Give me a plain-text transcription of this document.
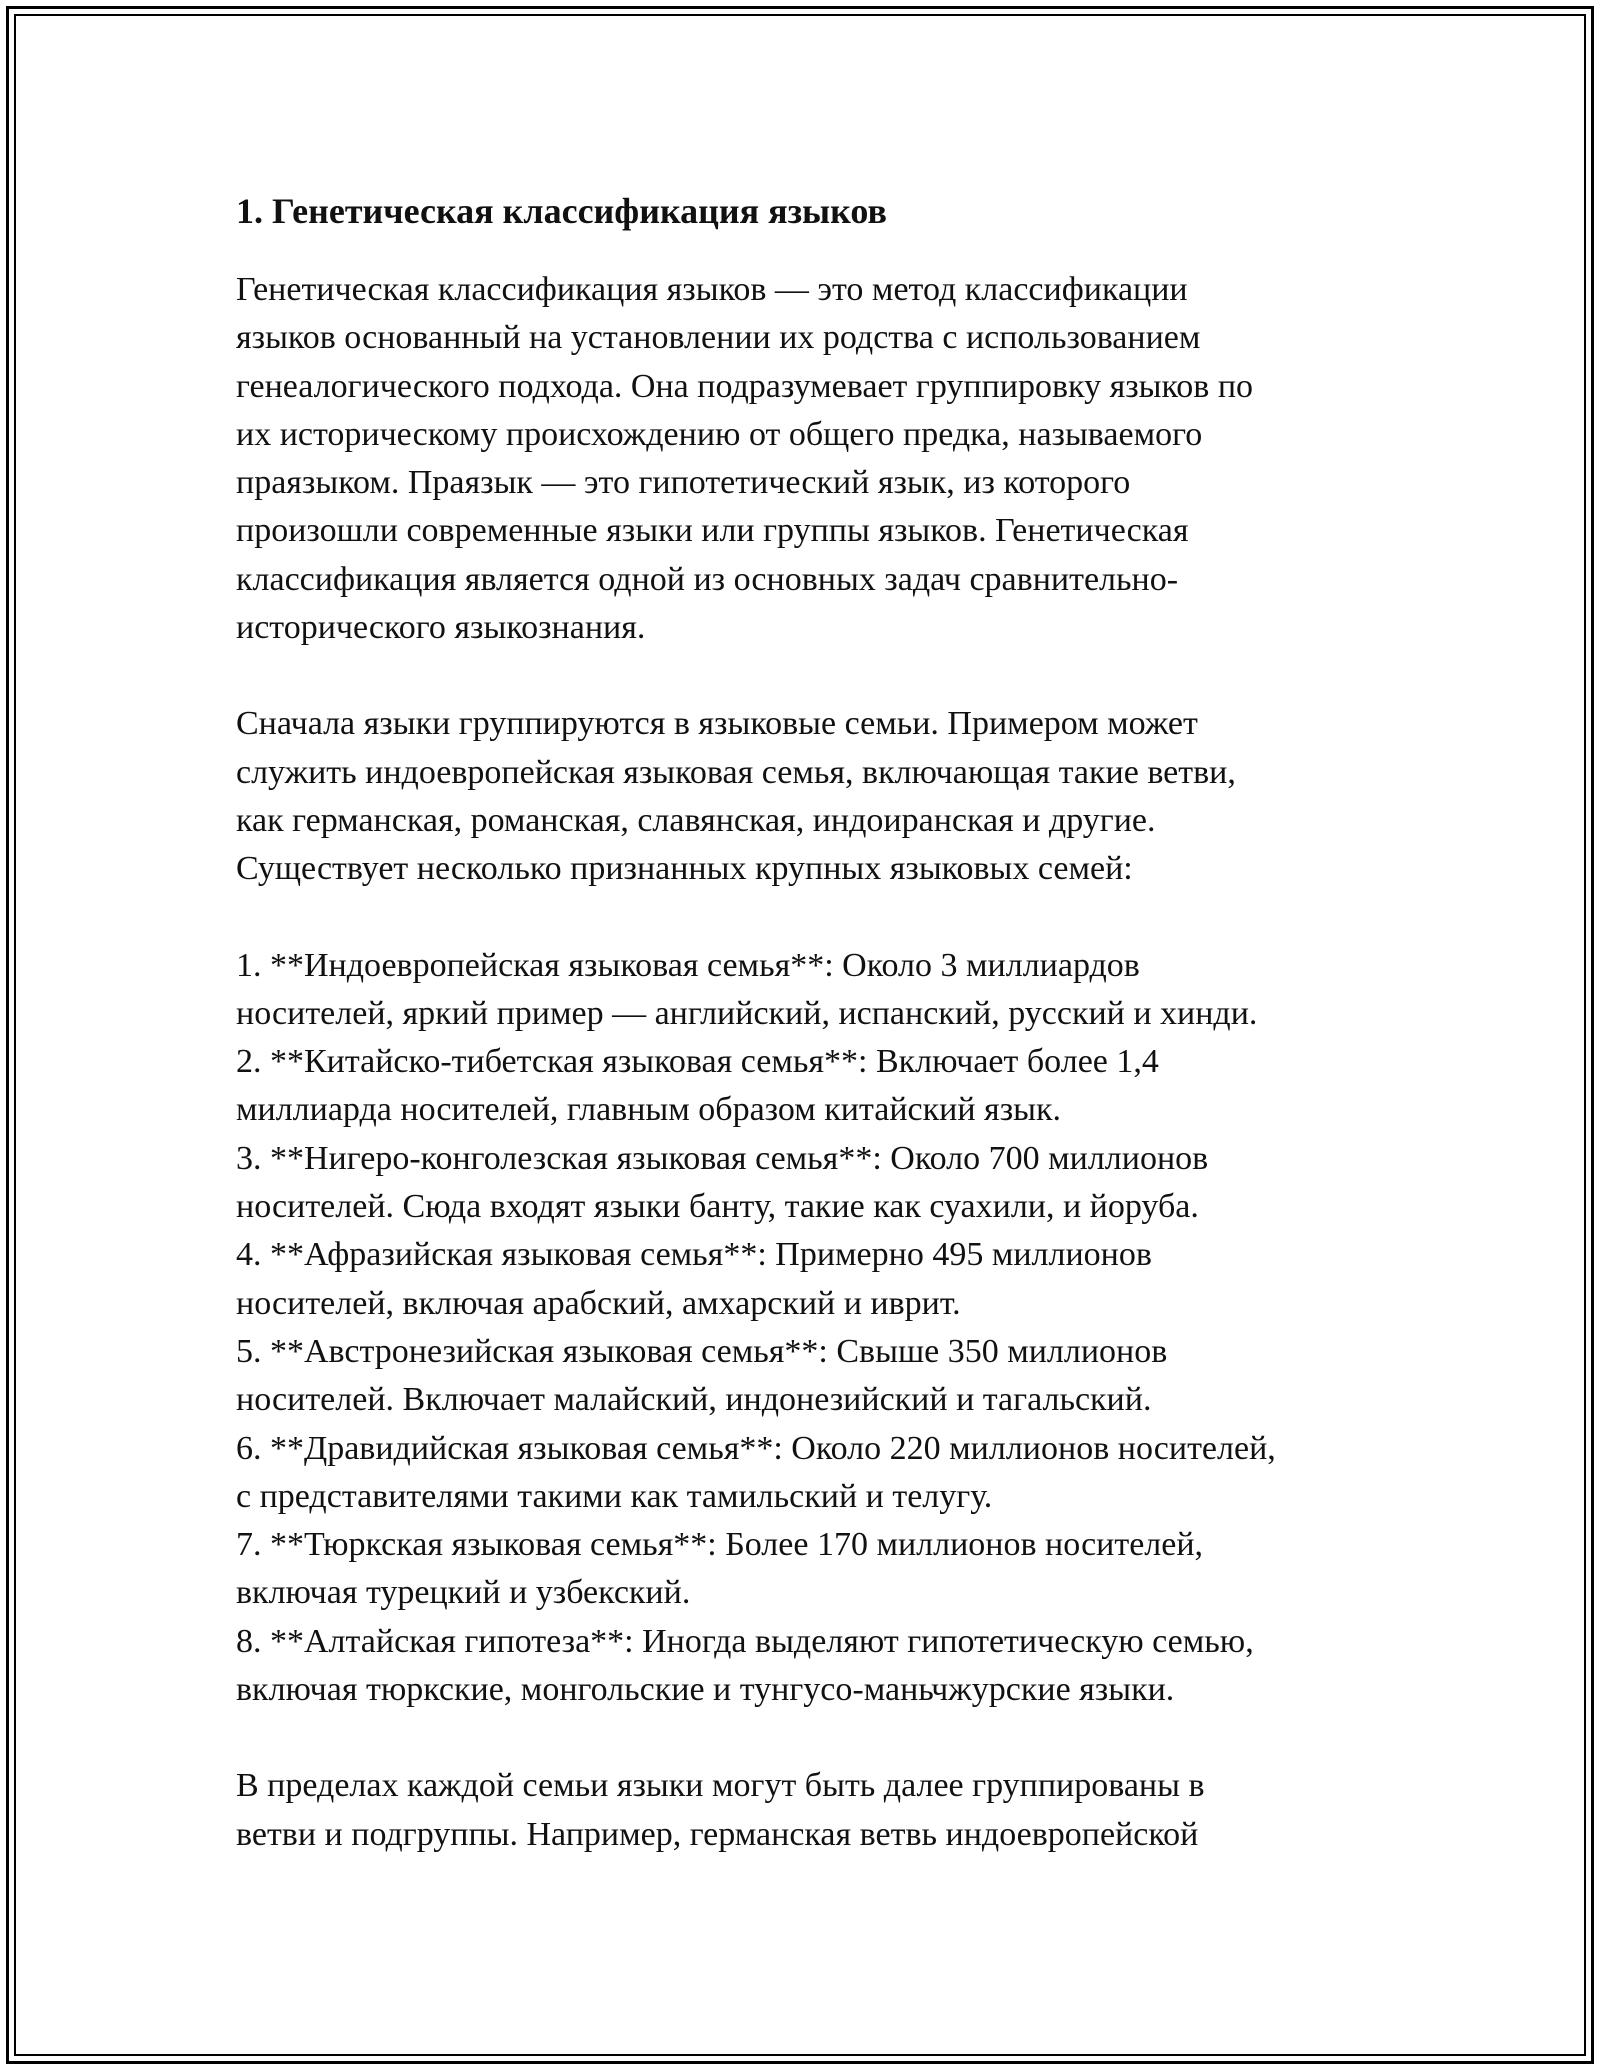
1. Генетическая классификация языков
Генетическая классификация языков — это метод классификации
языков основанный на установлении их родства с использованием
генеалогического подхода. Она подразумевает группировку языков по
их историческому происхождению от общего предка, называемого
праязыком. Праязык — это гипотетический язык, из которого
произошли современные языки или группы языков. Генетическая
классификация является одной из основных задач сравнительно-
исторического языкознания.
Сначала языки группируются в языковые семьи. Примером может
служить индоевропейская языковая семья, включающая такие ветви,
как германская, романская, славянская, индоиранская и другие.
Существует несколько признанных крупных языковых семей:
1. **Индоевропейская языковая семья**: Около 3 миллиардов
носителей, яркий пример — английский, испанский, русский и хинди.
2. **Китайско-тибетская языковая семья**: Включает более 1,4
миллиарда носителей, главным образом китайский язык.
3. **Нигеро-конголезская языковая семья**: Около 700 миллионов
носителей. Сюда входят языки банту, такие как суахили, и йоруба.
4. **Афразийская языковая семья**: Примерно 495 миллионов
носителей, включая арабский, амхарский и иврит.
5. **Австронезийская языковая семья**: Свыше 350 миллионов
носителей. Включает малайский, индонезийский и тагальский.
6. **Дравидийская языковая семья**: Около 220 миллионов носителей,
с представителями такими как тамильский и телугу.
7. **Тюркская языковая семья**: Более 170 миллионов носителей,
включая турецкий и узбекский.
8. **Алтайская гипотеза**: Иногда выделяют гипотетическую семью,
включая тюркские, монгольские и тунгусо-маньчжурские языки.
В пределах каждой семьи языки могут быть далее группированы в
ветви и подгруппы. Например, германская ветвь индоевропейской
